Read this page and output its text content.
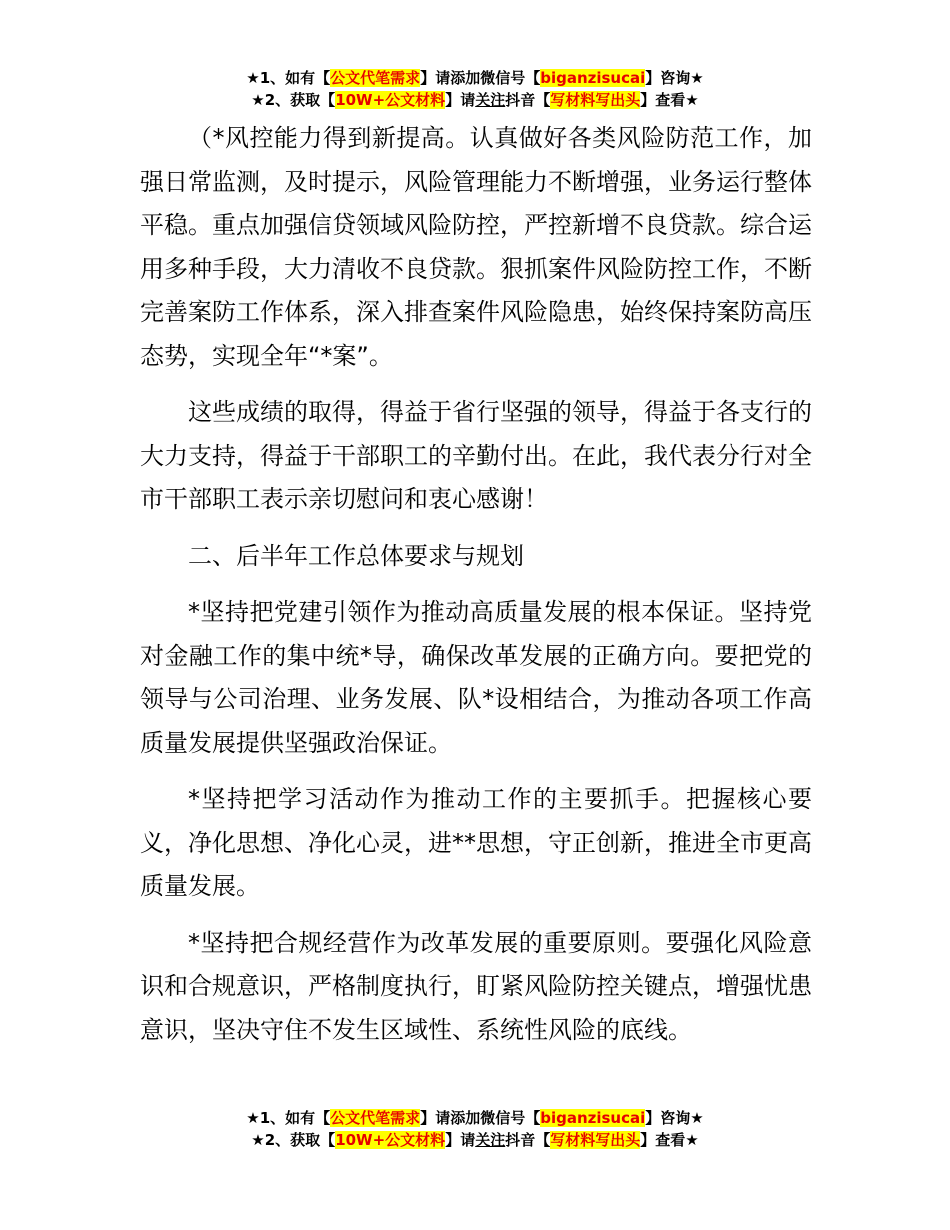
★1、如有【公文代笔需求】请添加微信号【biganzisucai】咨询★
★2、获取【10W+公文材料】请关注抖音【写材料写出头】查看★

（*风控能力得到新提高。认真做好各类风险防范工作，加强日常监测，及时提示，风险管理能力不断增强，业务运行整体平稳。重点加强信贷领域风险防控，严控新增不良贷款。综合运用多种手段，大力清收不良贷款。狠抓案件风险防控工作，不断完善案防工作体系，深入排查案件风险隐患，始终保持案防高压态势，实现全年“*案”。

这些成绩的取得，得益于省行坚强的领导，得益于各支行的大力支持，得益于干部职工的辛勤付出。在此，我代表分行对全市干部职工表示亲切慰问和衷心感谢！

二、后半年工作总体要求与规划

*坚持把党建引领作为推动高质量发展的根本保证。坚持党对金融工作的集中统*导，确保改革发展的正确方向。要把党的领导与公司治理、业务发展、队*设相结合，为推动各项工作高质量发展提供坚强政治保证。

*坚持把学习活动作为推动工作的主要抓手。把握核心要义，净化思想、净化心灵，进**思想，守正创新，推进全市更高质量发展。

*坚持把合规经营作为改革发展的重要原则。要强化风险意识和合规意识，严格制度执行，盯紧风险防控关键点，增强忧患意识，坚决守住不发生区域性、系统性风险的底线。

★1、如有【公文代笔需求】请添加微信号【biganzisucai】咨询★
★2、获取【10W+公文材料】请关注抖音【写材料写出头】查看★
